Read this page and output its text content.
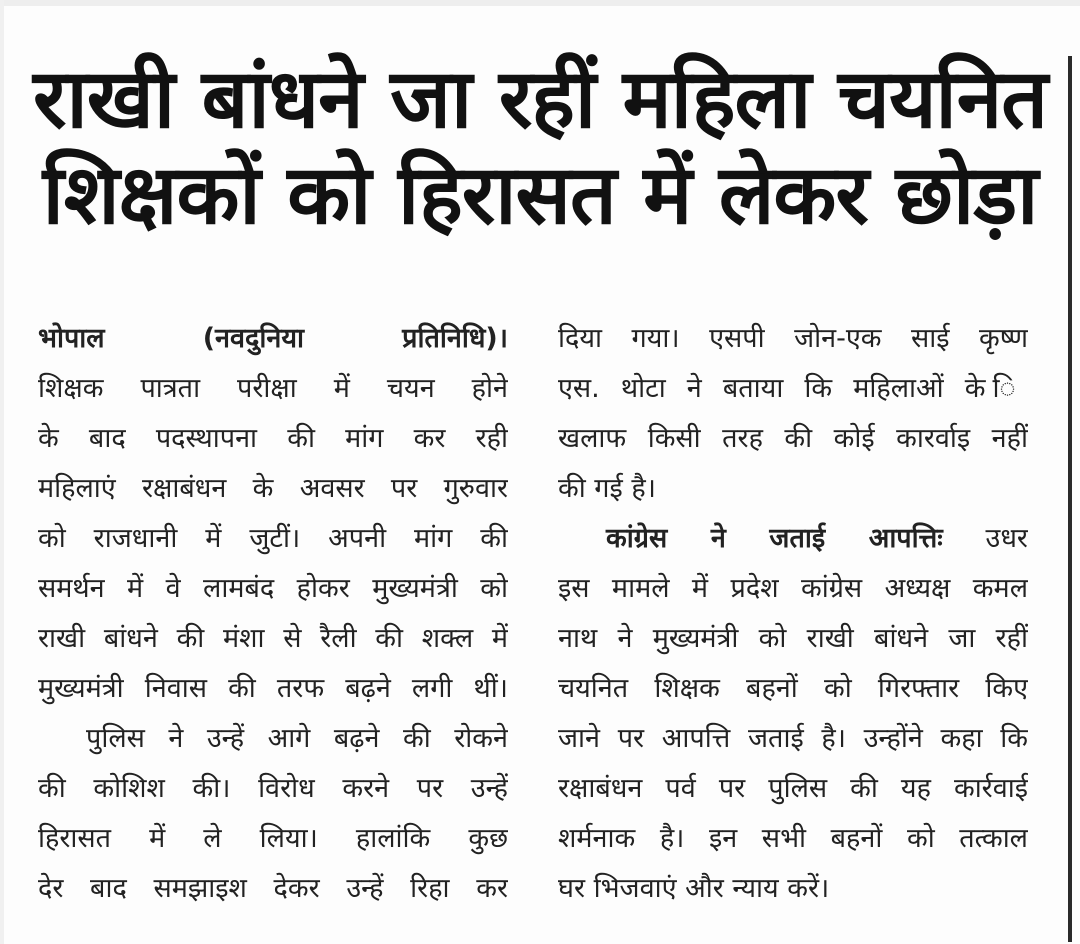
राखी बांधने जा रहीं महिला चयनित
शिक्षकों को हिरासत में लेकर छोड़ा
भोपाल (नवदुनिया प्रतिनिधि)।
शिक्षक पात्रता परीक्षा में चयन होने
के बाद पदस्थापना की मांग कर रही
महिलाएं रक्षाबंधन के अवसर पर गुरुवार
को राजधानी में जुटीं। अपनी मांग की
समर्थन में वे लामबंद होकर मुख्यमंत्री को
राखी बांधने की मंशा से रैली की शक्ल में
मुख्यमंत्री निवास की तरफ बढ़ने लगी थीं।
पुलिस ने उन्हें आगे बढ़ने की रोकने
की कोशिश की। विरोध करने पर उन्हें
हिरासत में ले लिया। हालांकि कुछ
देर बाद समझाइश देकर उन्हें रिहा कर
दिया गया। एसपी जोन-एक साई कृष्ण
एस. थोटा ने बताया कि महिलाओं के ि
खलाफ किसी तरह की कोई कारर्वाइ नहीं
की गई है।
कांग्रेस ने जताई आपत्तिः उधर
इस मामले में प्रदेश कांग्रेस अध्यक्ष कमल
नाथ ने मुख्यमंत्री को राखी बांधने जा रहीं
चयनित शिक्षक बहनों को गिरफ्तार किए
जाने पर आपत्ति जताई है। उन्होंने कहा कि
रक्षाबंधन पर्व पर पुलिस की यह कार्रवाई
शर्मनाक है। इन सभी बहनों को तत्काल
घर भिजवाएं और न्याय करें।
